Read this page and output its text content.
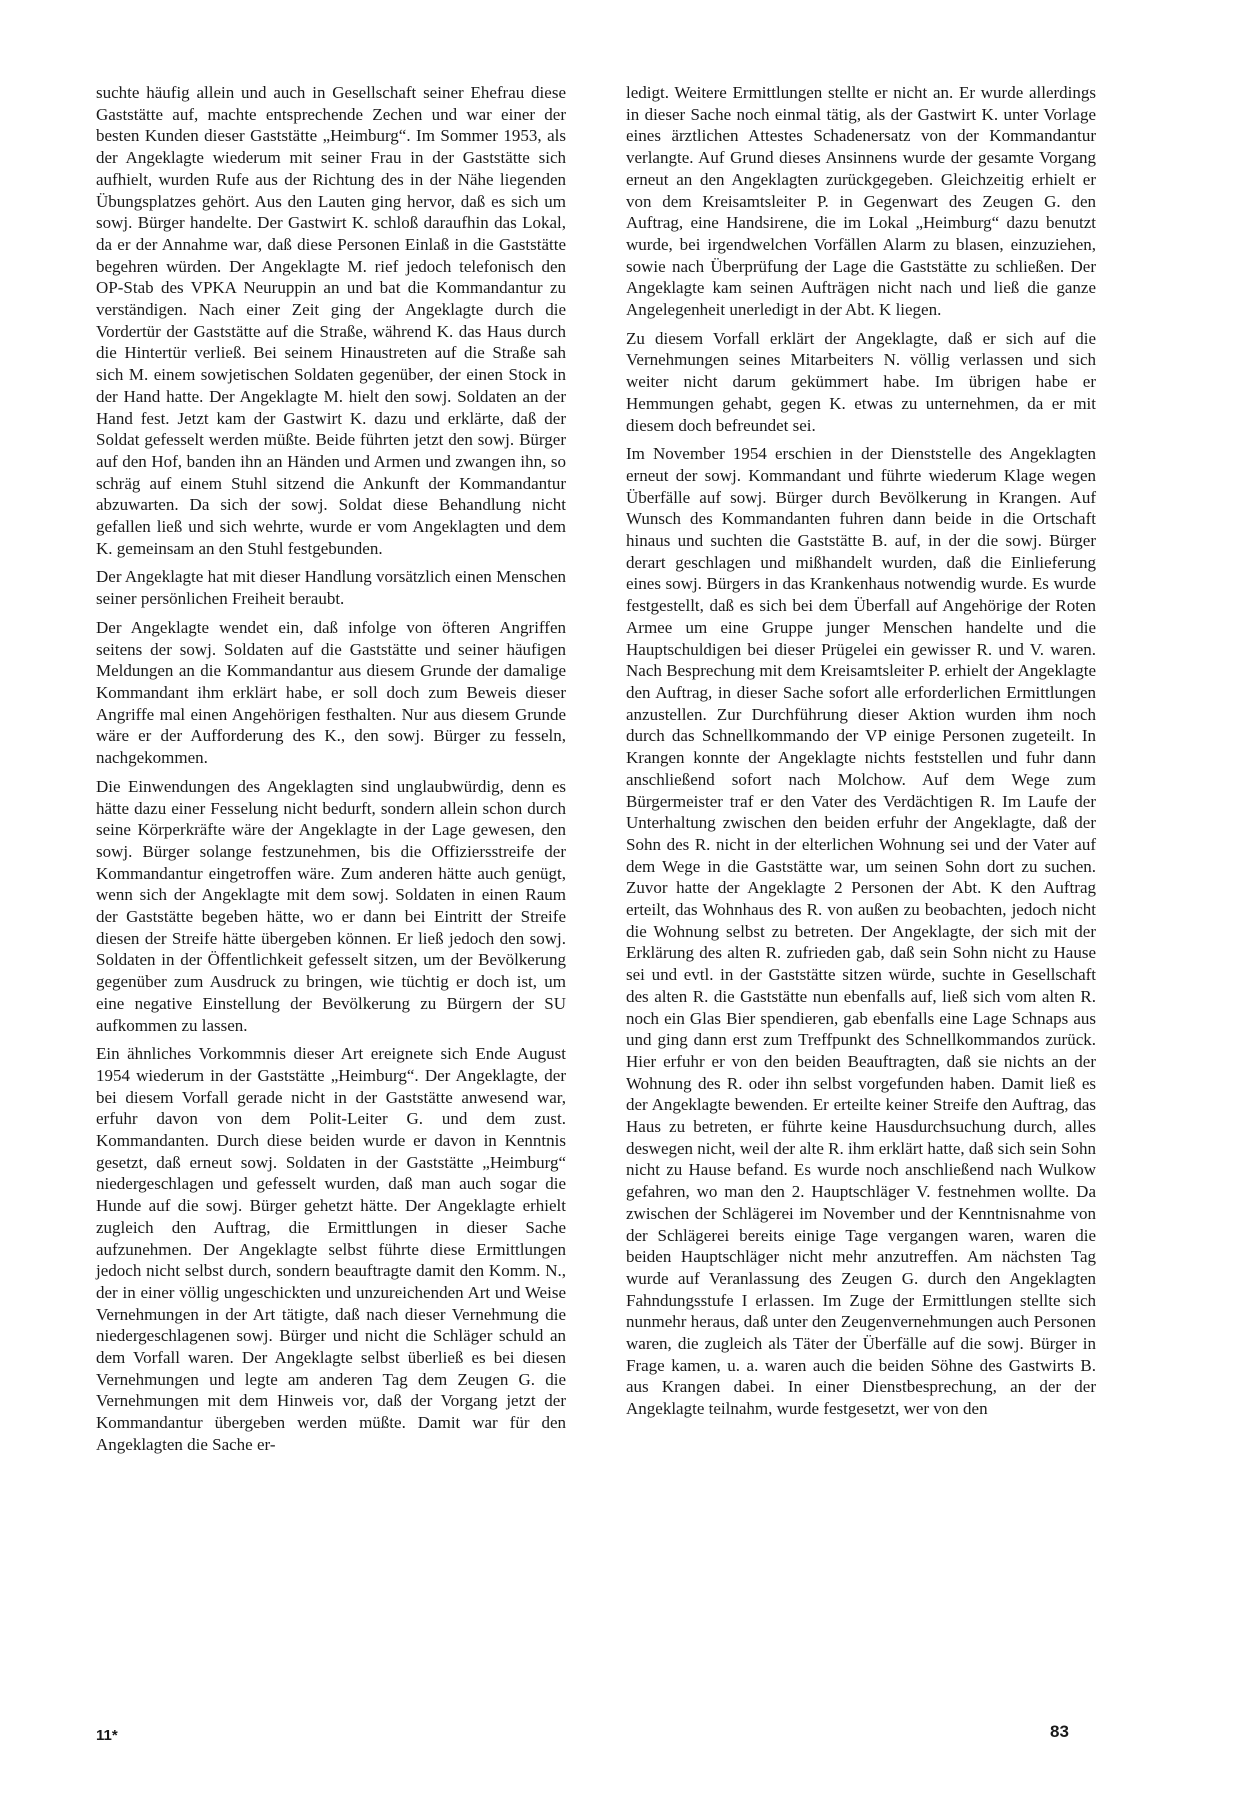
suchte häufig allein und auch in Gesellschaft seiner Ehefrau diese Gaststätte auf, machte entsprechende Zechen und war einer der besten Kunden dieser Gaststätte „Heimburg“. Im Sommer 1953, als der Angeklagte wiederum mit seiner Frau in der Gaststätte sich aufhielt, wurden Rufe aus der Richtung des in der Nähe liegenden Übungsplatzes gehört. Aus den Lauten ging hervor, daß es sich um sowj. Bürger handelte. Der Gastwirt K. schloß daraufhin das Lokal, da er der Annahme war, daß diese Personen Einlaß in die Gaststätte begehren würden. Der Angeklagte M. rief jedoch telefonisch den OP-Stab des VPKA Neuruppin an und bat die Kommandantur zu verständigen. Nach einer Zeit ging der Angeklagte durch die Vordertür der Gaststätte auf die Straße, während K. das Haus durch die Hintertür verließ. Bei seinem Hinaustreten auf die Straße sah sich M. einem sowjetischen Soldaten gegenüber, der einen Stock in der Hand hatte. Der Angeklagte M. hielt den sowj. Soldaten an der Hand fest. Jetzt kam der Gastwirt K. dazu und erklärte, daß der Soldat gefesselt werden müßte. Beide führten jetzt den sowj. Bürger auf den Hof, banden ihn an Händen und Armen und zwangen ihn, so schräg auf einem Stuhl sitzend die Ankunft der Kommandantur abzuwarten. Da sich der sowj. Soldat diese Behandlung nicht gefallen ließ und sich wehrte, wurde er vom Angeklagten und dem K. gemeinsam an den Stuhl festgebunden.

Der Angeklagte hat mit dieser Handlung vorsätzlich einen Menschen seiner persönlichen Freiheit beraubt.

Der Angeklagte wendet ein, daß infolge von öfteren Angriffen seitens der sowj. Soldaten auf die Gaststätte und seiner häufigen Meldungen an die Kommandantur aus diesem Grunde der damalige Kommandant ihm erklärt habe, er soll doch zum Beweis dieser Angriffe mal einen Angehörigen festhalten. Nur aus diesem Grunde wäre er der Aufforderung des K., den sowj. Bürger zu fesseln, nachgekommen.

Die Einwendungen des Angeklagten sind unglaubwürdig, denn es hätte dazu einer Fesselung nicht bedurft, sondern allein schon durch seine Körperkräfte wäre der Angeklagte in der Lage gewesen, den sowj. Bürger solange festzunehmen, bis die Offiziersstreife der Kommandantur eingetroffen wäre. Zum anderen hätte auch genügt, wenn sich der Angeklagte mit dem sowj. Soldaten in einen Raum der Gaststätte begeben hätte, wo er dann bei Eintritt der Streife diesen der Streife hätte übergeben können. Er ließ jedoch den sowj. Soldaten in der Öffentlichkeit gefesselt sitzen, um der Bevölkerung gegenüber zum Ausdruck zu bringen, wie tüchtig er doch ist, um eine negative Einstellung der Bevölkerung zu Bürgern der SU aufkommen zu lassen.

Ein ähnliches Vorkommnis dieser Art ereignete sich Ende August 1954 wiederum in der Gaststätte „Heimburg“. Der Angeklagte, der bei diesem Vorfall gerade nicht in der Gaststätte anwesend war, erfuhr davon von dem Polit-Leiter G. und dem zust. Kommandanten. Durch diese beiden wurde er davon in Kenntnis gesetzt, daß erneut sowj. Soldaten in der Gaststätte „Heimburg“ niedergeschlagen und gefesselt wurden, daß man auch sogar die Hunde auf die sowj. Bürger gehetzt hätte. Der Angeklagte erhielt zugleich den Auftrag, die Ermittlungen in dieser Sache aufzunehmen. Der Angeklagte selbst führte diese Ermittlungen jedoch nicht selbst durch, sondern beauftragte damit den Komm. N., der in einer völlig ungeschickten und unzureichenden Art und Weise Vernehmungen in der Art tätigte, daß nach dieser Vernehmung die niedergeschlagenen sowj. Bürger und nicht die Schläger schuld an dem Vorfall waren. Der Angeklagte selbst überließ es bei diesen Vernehmungen und legte am anderen Tag dem Zeugen G. die Vernehmungen mit dem Hinweis vor, daß der Vorgang jetzt der Kommandantur übergeben werden müßte. Damit war für den Angeklagten die Sache er-

ledigt. Weitere Ermittlungen stellte er nicht an. Er wurde allerdings in dieser Sache noch einmal tätig, als der Gastwirt K. unter Vorlage eines ärztlichen Attestes Schadenersatz von der Kommandantur verlangte. Auf Grund dieses Ansinnens wurde der gesamte Vorgang erneut an den Angeklagten zurückgegeben. Gleichzeitig erhielt er von dem Kreisamtsleiter P. in Gegenwart des Zeugen G. den Auftrag, eine Handsirene, die im Lokal „Heimburg“ dazu benutzt wurde, bei irgendwelchen Vorfällen Alarm zu blasen, einzuziehen, sowie nach Überprüfung der Lage die Gaststätte zu schließen. Der Angeklagte kam seinen Aufträgen nicht nach und ließ die ganze Angelegenheit unerledigt in der Abt. K liegen.

Zu diesem Vorfall erklärt der Angeklagte, daß er sich auf die Vernehmungen seines Mitarbeiters N. völlig verlassen und sich weiter nicht darum gekümmert habe. Im übrigen habe er Hemmungen gehabt, gegen K. etwas zu unternehmen, da er mit diesem doch befreundet sei.

Im November 1954 erschien in der Dienststelle des Angeklagten erneut der sowj. Kommandant und führte wiederum Klage wegen Überfälle auf sowj. Bürger durch Bevölkerung in Krangen. Auf Wunsch des Kommandanten fuhren dann beide in die Ortschaft hinaus und suchten die Gaststätte B. auf, in der die sowj. Bürger derart geschlagen und mißhandelt wurden, daß die Einlieferung eines sowj. Bürgers in das Krankenhaus notwendig wurde. Es wurde festgestellt, daß es sich bei dem Überfall auf Angehörige der Roten Armee um eine Gruppe junger Menschen handelte und die Hauptschuldigen bei dieser Prügelei ein gewisser R. und V. waren. Nach Besprechung mit dem Kreisamtsleiter P. erhielt der Angeklagte den Auftrag, in dieser Sache sofort alle erforderlichen Ermittlungen anzustellen. Zur Durchführung dieser Aktion wurden ihm noch durch das Schnellkommando der VP einige Personen zugeteilt. In Krangen konnte der Angeklagte nichts feststellen und fuhr dann anschließend sofort nach Molchow. Auf dem Wege zum Bürgermeister traf er den Vater des Verdächtigen R. Im Laufe der Unterhaltung zwischen den beiden erfuhr der Angeklagte, daß der Sohn des R. nicht in der elterlichen Wohnung sei und der Vater auf dem Wege in die Gaststätte war, um seinen Sohn dort zu suchen. Zuvor hatte der Angeklagte 2 Personen der Abt. K den Auftrag erteilt, das Wohnhaus des R. von außen zu beobachten, jedoch nicht die Wohnung selbst zu betreten. Der Angeklagte, der sich mit der Erklärung des alten R. zufrieden gab, daß sein Sohn nicht zu Hause sei und evtl. in der Gaststätte sitzen würde, suchte in Gesellschaft des alten R. die Gaststätte nun ebenfalls auf, ließ sich vom alten R. noch ein Glas Bier spendieren, gab ebenfalls eine Lage Schnaps aus und ging dann erst zum Treffpunkt des Schnellkommandos zurück. Hier erfuhr er von den beiden Beauftragten, daß sie nichts an der Wohnung des R. oder ihn selbst vorgefunden haben. Damit ließ es der Angeklagte bewenden. Er erteilte keiner Streife den Auftrag, das Haus zu betreten, er führte keine Hausdurchsuchung durch, alles deswegen nicht, weil der alte R. ihm erklärt hatte, daß sich sein Sohn nicht zu Hause befand. Es wurde noch anschließend nach Wulkow gefahren, wo man den 2. Hauptschläger V. festnehmen wollte. Da zwischen der Schlägerei im November und der Kenntnisnahme von der Schlägerei bereits einige Tage vergangen waren, waren die beiden Hauptschläger nicht mehr anzutreffen. Am nächsten Tag wurde auf Veranlassung des Zeugen G. durch den Angeklagten Fahndungsstufe I erlassen. Im Zuge der Ermittlungen stellte sich nunmehr heraus, daß unter den Zeugenvernehmungen auch Personen waren, die zugleich als Täter der Überfälle auf die sowj. Bürger in Frage kamen, u. a. waren auch die beiden Söhne des Gastwirts B. aus Krangen dabei. In einer Dienstbesprechung, an der der Angeklagte teilnahm, wurde festgesetzt, wer von den

11*	83
